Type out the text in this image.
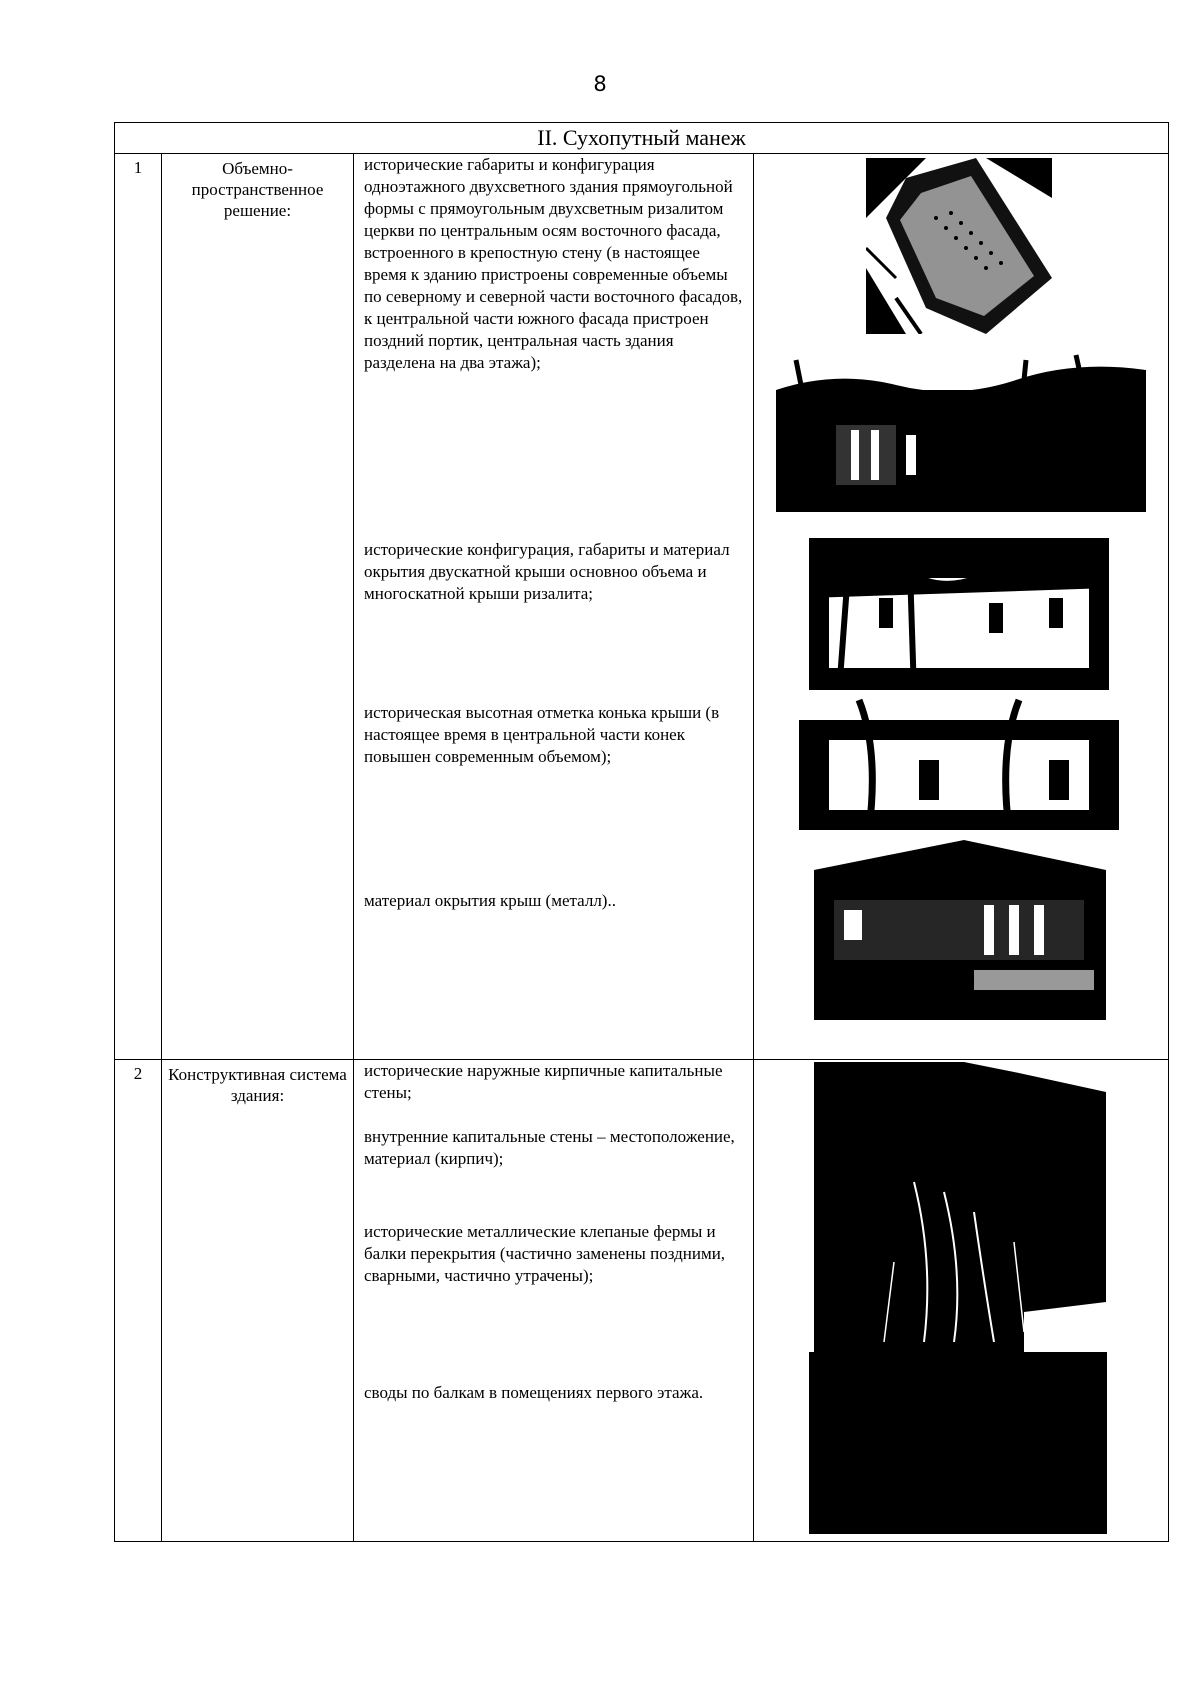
8
II. Сухопутный манеж			
1	Объемно-пространственное решение:	исторические габариты и конфигурация одноэтажного двухсветного здания прямоугольной формы с прямоугольным двухсветным ризалитом церкви по центральным осям восточного фасада, встроенного в крепостную стену (в настоящее время к зданию пристроены современные объемы по северному и северной части восточного фасадов, к центральной части южного фасада пристроен поздний портик, центральная часть здания разделена на два этажа);

исторические конфигурация, габариты и материал окрытия двускатной крыши основноо объема и многоскатной крыши ризалита;

историческая высотная отметка конька крыши (в настоящее время в центральной части конек повышен современным объемом);

материал окрытия крыш (металл)..

2	Конструктивная система здания:	исторические наружные кирпичные капитальные стены;

внутренние капитальные стены – местоположение, материал (кирпич);

исторические металлические клепаные фермы и балки перекрытия (частично заменены поздними, сварными, частично утрачены);

своды по балкам в помещениях первого этажа.
